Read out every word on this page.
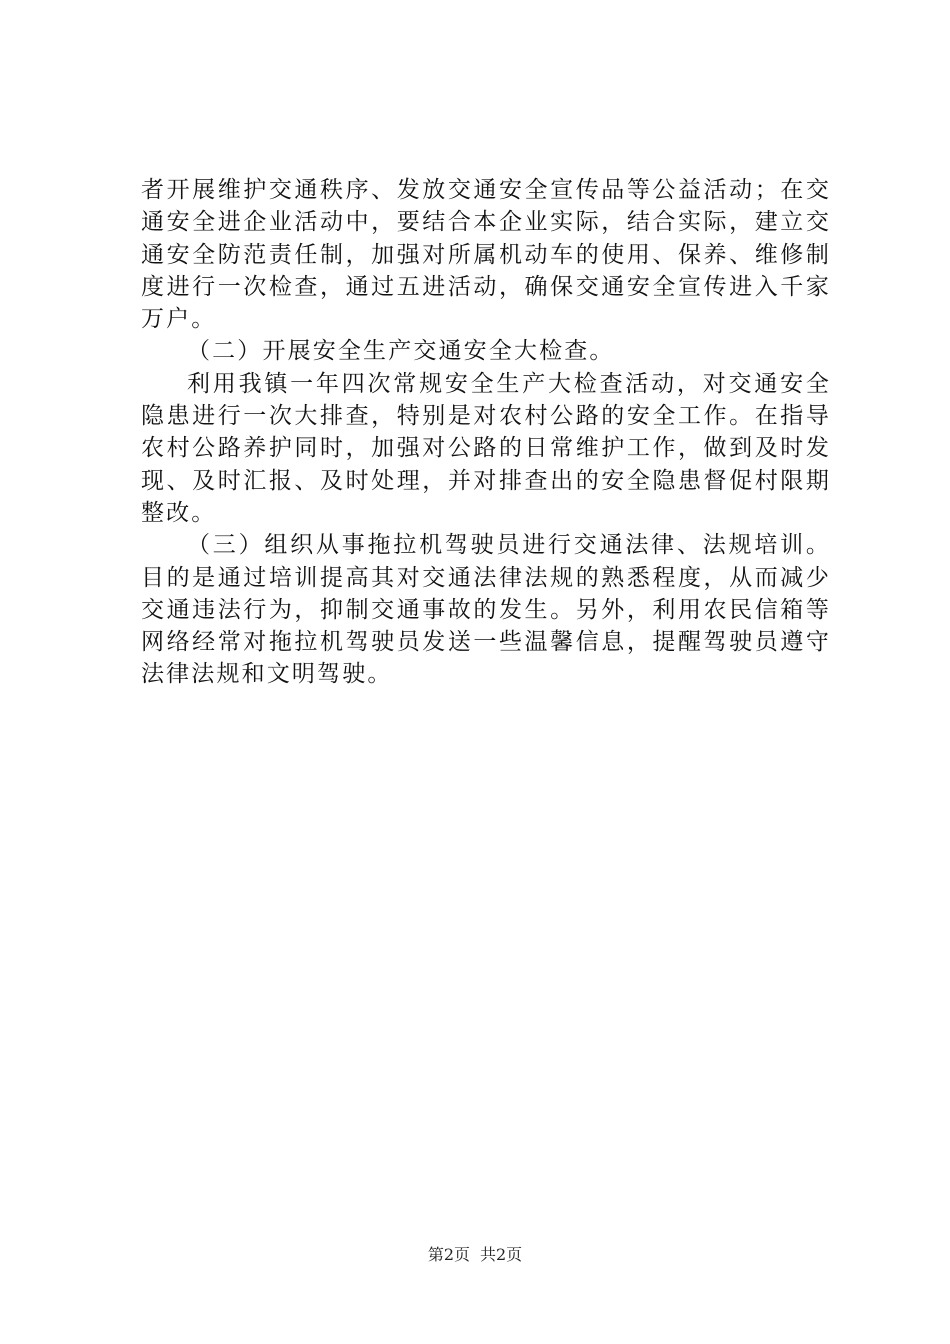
者开展维护交通秩序、发放交通安全宣传品等公益活动；在交通安全进企业活动中，要结合本企业实际，结合实际，建立交通安全防范责任制，加强对所属机动车的使用、保养、维修制度进行一次检查，通过五进活动，确保交通安全宣传进入千家万户。

（二）开展安全生产交通安全大检查。

利用我镇一年四次常规安全生产大检查活动，对交通安全隐患进行一次大排查，特别是对农村公路的安全工作。在指导农村公路养护同时，加强对公路的日常维护工作，做到及时发现、及时汇报、及时处理，并对排查出的安全隐患督促村限期整改。

（三）组织从事拖拉机驾驶员进行交通法律、法规培训。目的是通过培训提高其对交通法律法规的熟悉程度，从而减少交通违法行为，抑制交通事故的发生。另外，利用农民信箱等网络经常对拖拉机驾驶员发送一些温馨信息，提醒驾驶员遵守法律法规和文明驾驶。

第2页 共2页
